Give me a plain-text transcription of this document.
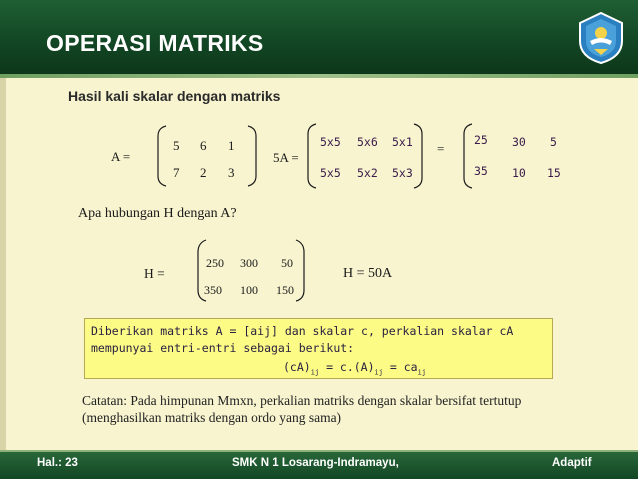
OPERASI MATRIKS
Hasil kali skalar dengan matriks
A =
5 6 1
7 2 3
5A =
5x5 5x6 5x1
5x5 5x2 5x3
=
25 30 5
35 10 15
Apa hubungan H dengan A?
H =
250 300 50
350 100 150
H = 50A
Diberikan matriks A = [aij] dan skalar c, perkalian skalar cA
mempunyai entri-entri sebagai berikut:
$(cA)_{ij} = c.(A)_{ij} = ca_{ij}$
Catatan: Pada himpunan Mmxn, perkalian matriks dengan skalar bersifat tertutup (menghasilkan matriks dengan ordo yang sama)
Hal.: 23	SMK N 1 Losarang-Indramayu,	Adaptif
